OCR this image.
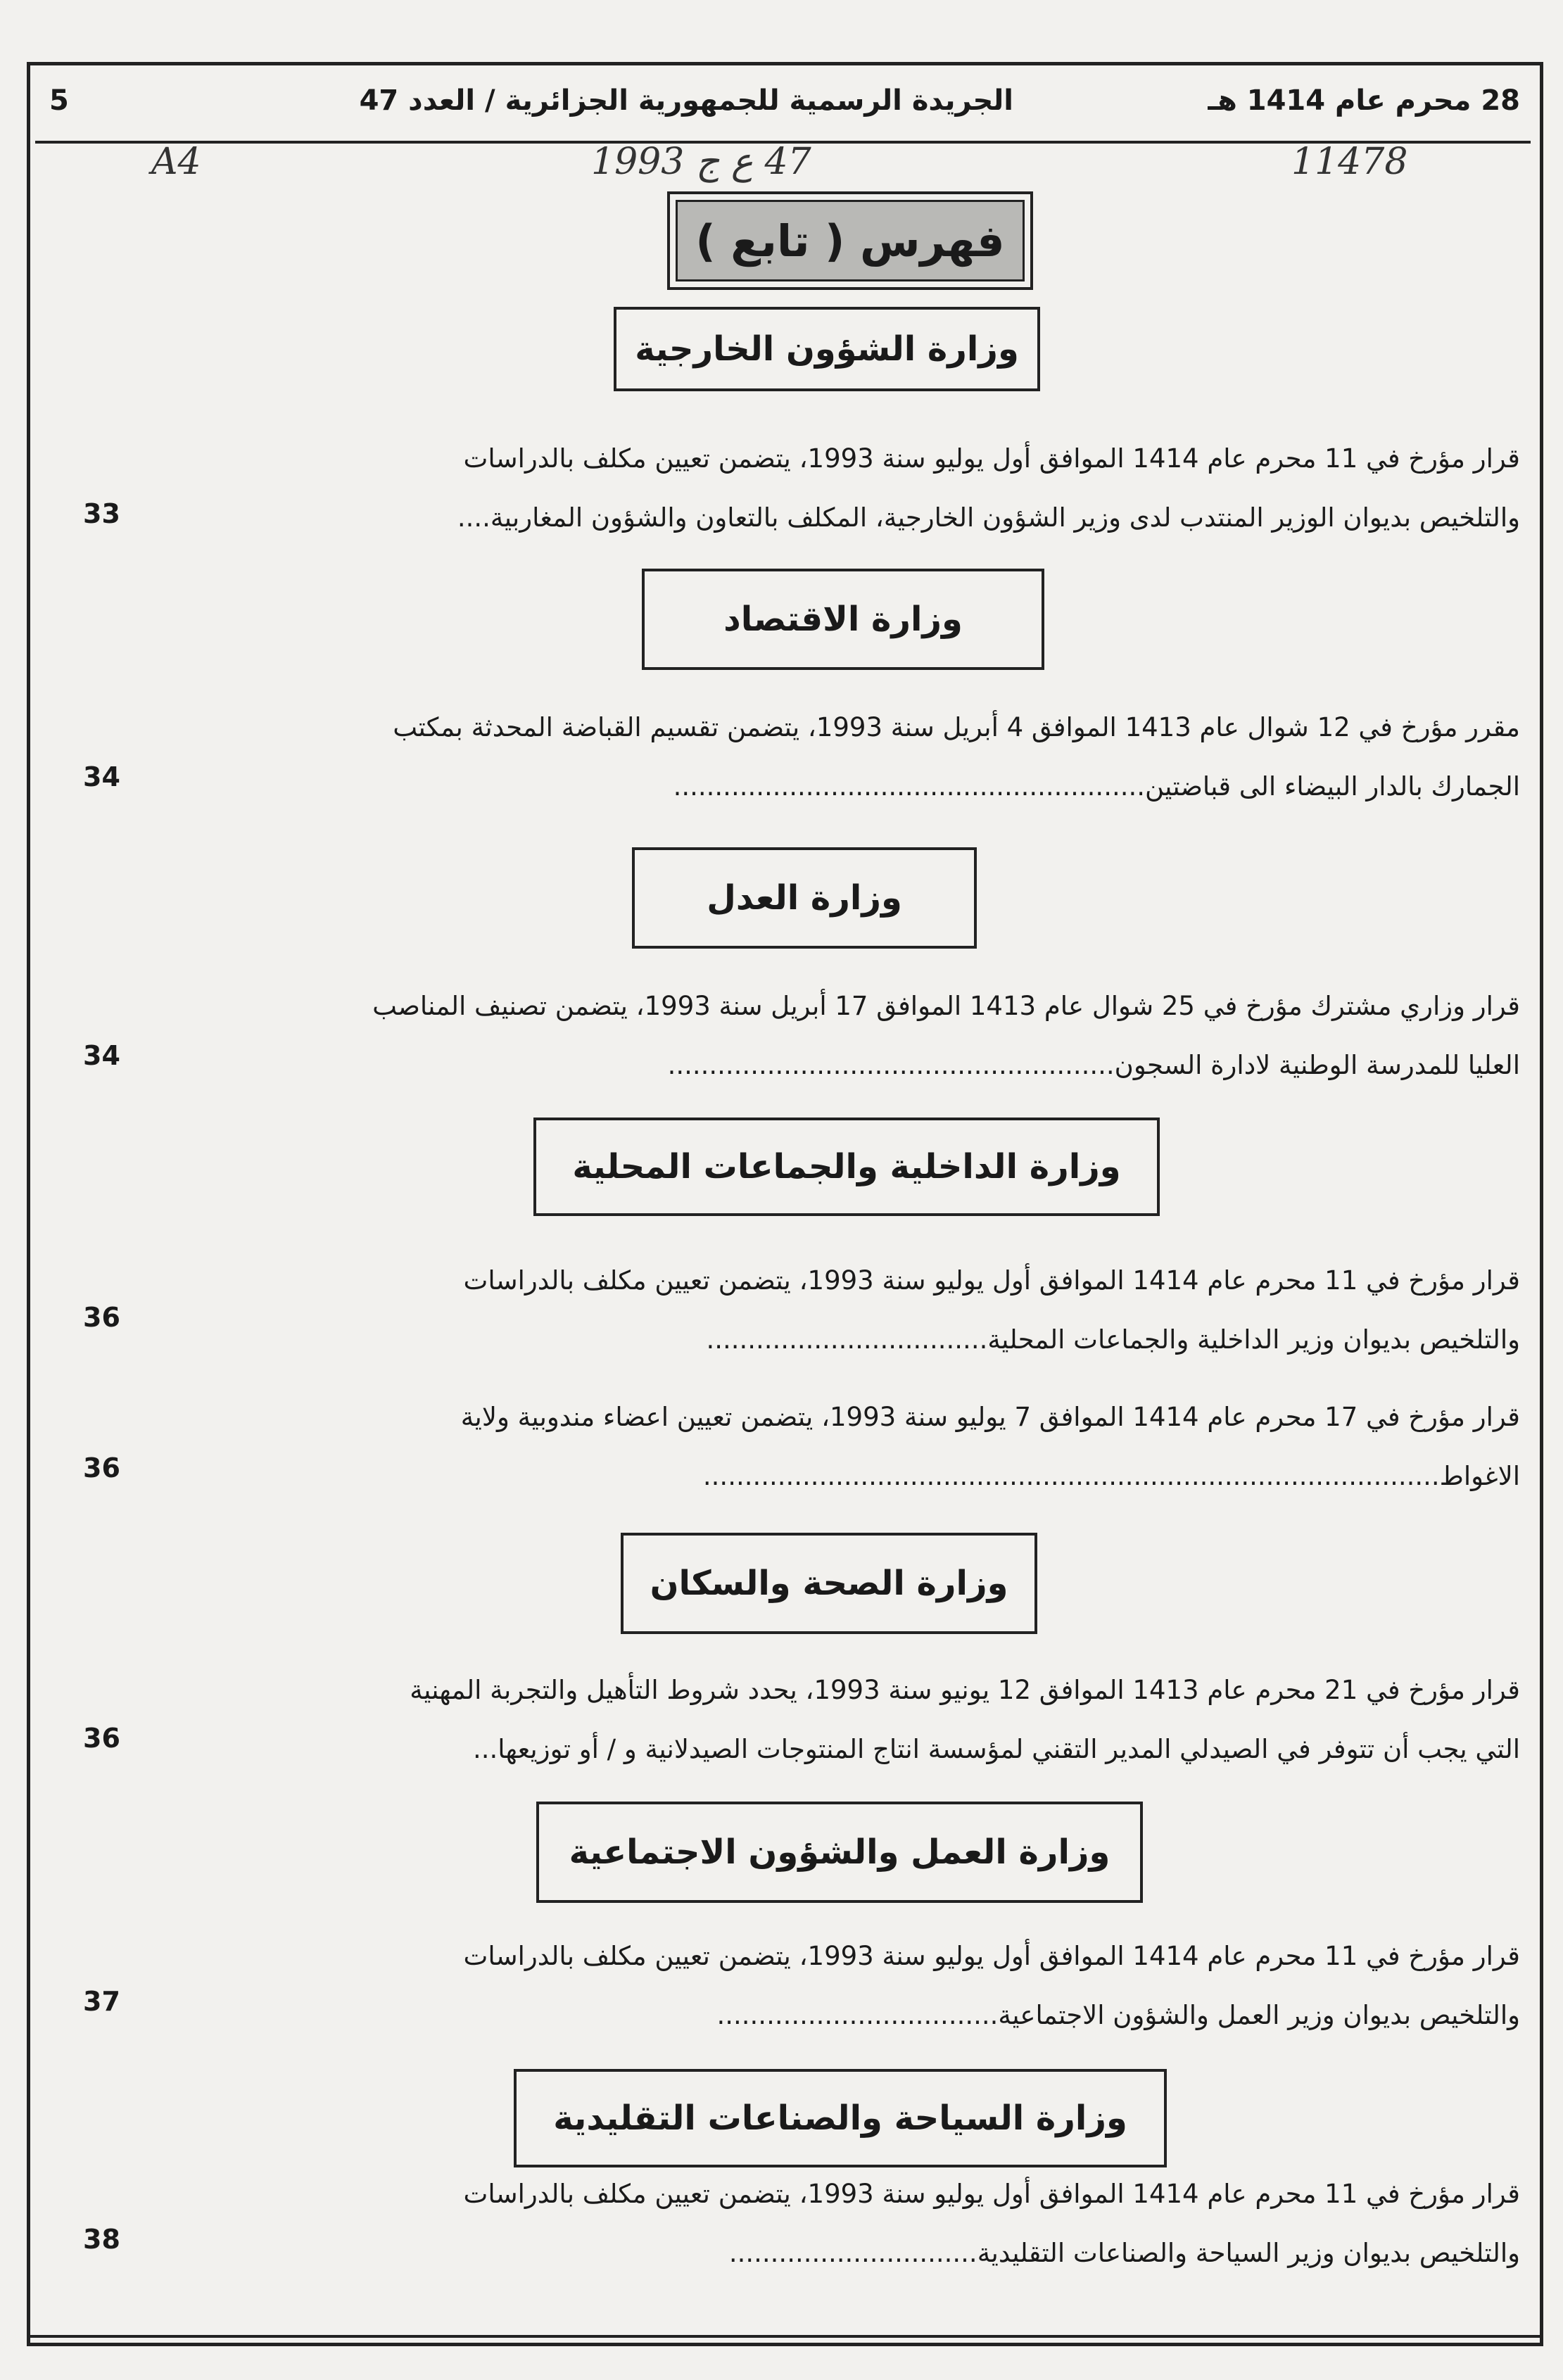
28 محرم عام 1414 هـ
الجريدة الرسمية للجمهورية الجزائرية / العدد 47
5
A4	47 ع ج 1993	11478
فهرس ( تابع )
وزارة الشؤون الخارجية
قرار مؤرخ في 11 محرم عام 1414 الموافق أول يوليو سنة 1993، يتضمن تعيين مكلف بالدراسات
والتلخيص بديوان الوزير المنتدب لدى وزير الشؤون الخارجية، المكلف بالتعاون والشؤون المغاربية....
33
وزارة الاقتصاد
مقرر مؤرخ في 12 شوال عام 1413 الموافق 4 أبريل سنة 1993، يتضمن تقسيم القباضة المحدثة بمكتب
الجمارك بالدار البيضاء الى قباضتين.........................................................
34
وزارة العدل
قرار وزاري مشترك مؤرخ في 25 شوال عام 1413 الموافق 17 أبريل سنة 1993، يتضمن تصنيف المناصب
العليا للمدرسة الوطنية لادارة السجون......................................................
34
وزارة الداخلية والجماعات المحلية
قرار مؤرخ في 11 محرم عام 1414 الموافق أول يوليو سنة 1993، يتضمن تعيين مكلف بالدراسات
والتلخيص بديوان وزير الداخلية والجماعات المحلية..................................
36
قرار مؤرخ في 17 محرم عام 1414 الموافق 7 يوليو سنة 1993، يتضمن تعيين اعضاء مندوبية ولاية
الاغواط.........................................................................................
36
وزارة الصحة والسكان
قرار مؤرخ في 21 محرم عام 1413 الموافق 12 يونيو سنة 1993، يحدد شروط التأهيل والتجربة المهنية
التي يجب أن تتوفر في الصيدلي المدير التقني لمؤسسة انتاج المنتوجات الصيدلانية و / أو توزيعها...
36
وزارة العمل والشؤون الاجتماعية
قرار مؤرخ في 11 محرم عام 1414 الموافق أول يوليو سنة 1993، يتضمن تعيين مكلف بالدراسات
والتلخيص بديوان وزير العمل والشؤون الاجتماعية..................................
37
وزارة السياحة والصناعات التقليدية
قرار مؤرخ في 11 محرم عام 1414 الموافق أول يوليو سنة 1993، يتضمن تعيين مكلف بالدراسات
والتلخيص بديوان وزير السياحة والصناعات التقليدية..............................
38
